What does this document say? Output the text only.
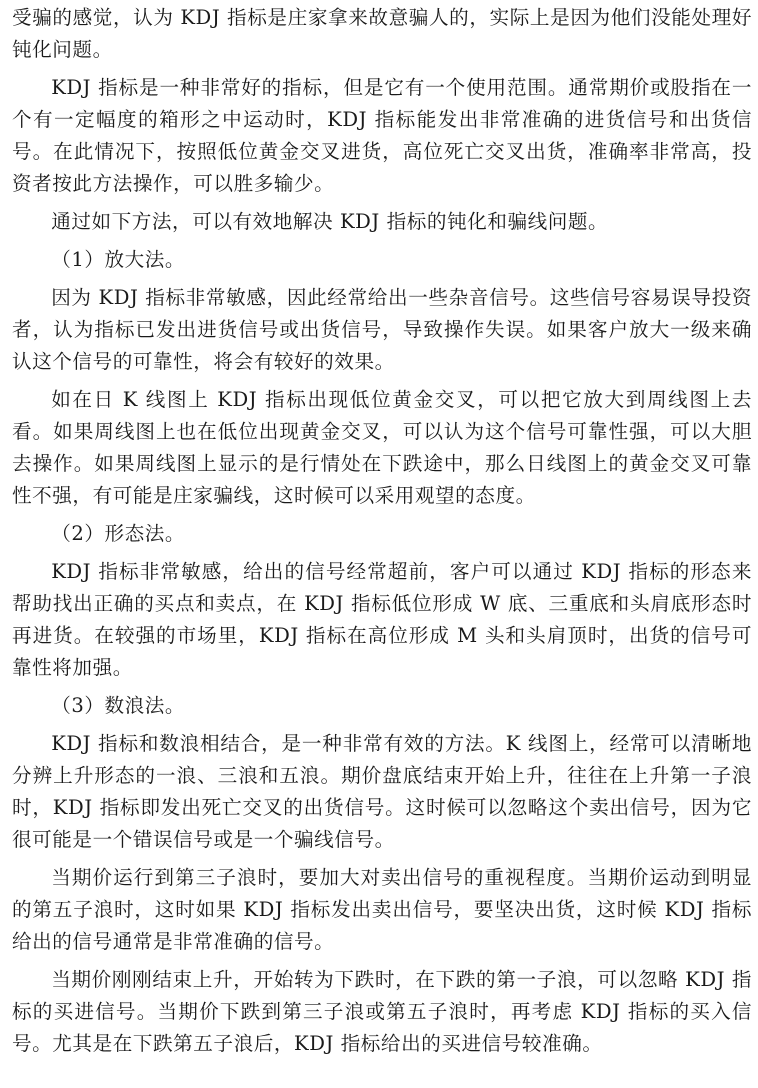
受骗的感觉，认为 KDJ 指标是庄家拿来故意骗人的，实际上是因为他们没能处理好钝化问题。

KDJ 指标是一种非常好的指标，但是它有一个使用范围。通常期价或股指在一个有一定幅度的箱形之中运动时，KDJ 指标能发出非常准确的进货信号和出货信号。在此情况下，按照低位黄金交叉进货，高位死亡交叉出货，准确率非常高，投资者按此方法操作，可以胜多输少。

通过如下方法，可以有效地解决 KDJ 指标的钝化和骗线问题。

（1）放大法。

因为 KDJ 指标非常敏感，因此经常给出一些杂音信号。这些信号容易误导投资者，认为指标已发出进货信号或出货信号，导致操作失误。如果客户放大一级来确认这个信号的可靠性，将会有较好的效果。

如在日 K 线图上 KDJ 指标出现低位黄金交叉，可以把它放大到周线图上去看。如果周线图上也在低位出现黄金交叉，可以认为这个信号可靠性强，可以大胆去操作。如果周线图上显示的是行情处在下跌途中，那么日线图上的黄金交叉可靠性不强，有可能是庄家骗线，这时候可以采用观望的态度。

（2）形态法。

KDJ 指标非常敏感，给出的信号经常超前，客户可以通过 KDJ 指标的形态来帮助找出正确的买点和卖点，在 KDJ 指标低位形成 W 底、三重底和头肩底形态时再进货。在较强的市场里，KDJ 指标在高位形成 M 头和头肩顶时，出货的信号可靠性将加强。

（3）数浪法。

KDJ 指标和数浪相结合，是一种非常有效的方法。K 线图上，经常可以清晰地分辨上升形态的一浪、三浪和五浪。期价盘底结束开始上升，往往在上升第一子浪时，KDJ 指标即发出死亡交叉的出货信号。这时候可以忽略这个卖出信号，因为它很可能是一个错误信号或是一个骗线信号。

当期价运行到第三子浪时，要加大对卖出信号的重视程度。当期价运动到明显的第五子浪时，这时如果 KDJ 指标发出卖出信号，要坚决出货，这时候 KDJ 指标给出的信号通常是非常准确的信号。

当期价刚刚结束上升，开始转为下跌时，在下跌的第一子浪，可以忽略 KDJ 指标的买进信号。当期价下跌到第三子浪或第五子浪时，再考虑 KDJ 指标的买入信号。尤其是在下跌第五子浪后，KDJ 指标给出的买进信号较准确。
